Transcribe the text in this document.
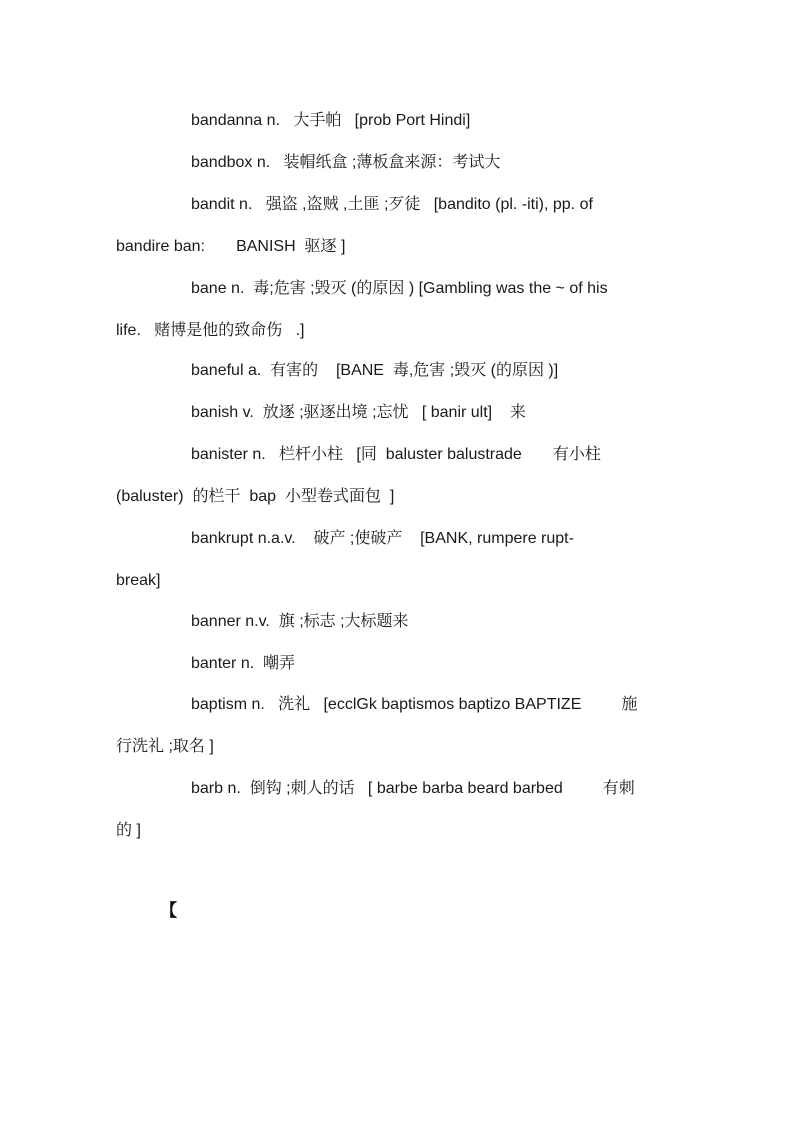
bandanna n.   大手帕   [prob Port Hindi]
bandbox n.   装帽纸盒 ;薄板盒来源：考试大
bandit n.   强盗 ,盗贼 ,土匪 ;歹徒   [bandito (pl. -iti), pp. of
bandire ban:       BANISH  驱逐 ]
bane n.  毒;危害 ;毁灭 (的原因 ) [Gambling was the ~ of his
life.   赌博是他的致命伤   .]
baneful a.  有害的    [BANE  毒,危害 ;毁灭 (的原因 )]
banish v.  放逐 ;驱逐出境 ;忘忧   [ banir ult]    来
banister n.   栏杆小柱   [同  baluster balustrade       有小柱
(baluster)  的栏干  bap  小型卷式面包  ]
bankrupt n.a.v.    破产 ;使破产    [BANK, rumpere rupt-
break]
banner n.v.  旗 ;标志 ;大标题来
banter n.  嘲弄
baptism n.   洗礼   [ecclGk baptismos baptizo BAPTIZE         施
行洗礼 ;取名 ]
barb n.  倒钩 ;刺人的话   [ barbe barba beard barbed         有刺
的 ]
【
